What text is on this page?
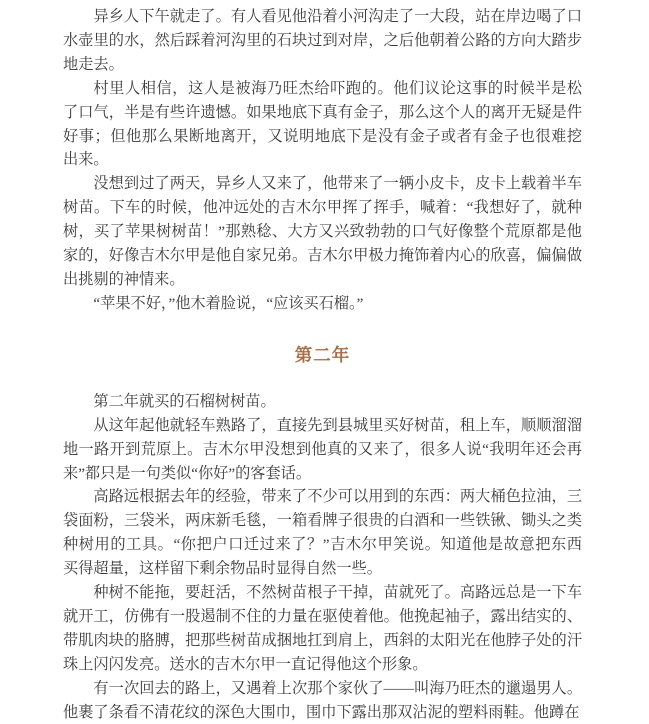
异乡人下午就走了。有人看见他沿着小河沟走了一大段，站在岸边喝了口
水壶里的水，然后踩着河沟里的石块过到对岸，之后他朝着公路的方向大踏步
地走去。
村里人相信，这人是被海乃旺杰给吓跑的。他们议论这事的时候半是松
了口气，半是有些许遗憾。如果地底下真有金子，那么这个人的离开无疑是件
好事；但他那么果断地离开，又说明地底下是没有金子或者有金子也很难挖
出来。
没想到过了两天，异乡人又来了，他带来了一辆小皮卡，皮卡上载着半车
树苗。下车的时候，他冲远处的吉木尔甲挥了挥手，喊着：“我想好了，就种
树，买了苹果树树苗！”那熟稔、大方又兴致勃勃的口气好像整个荒原都是他
家的，好像吉木尔甲是他自家兄弟。吉木尔甲极力掩饰着内心的欣喜，偏偏做
出挑剔的神情来。
“苹果不好，”他木着脸说，“应该买石榴。”
第二年
第二年就买的石榴树树苗。
从这年起他就轻车熟路了，直接先到县城里买好树苗，租上车，顺顺溜溜
地一路开到荒原上。吉木尔甲没想到他真的又来了，很多人说“我明年还会再
来”都只是一句类似“你好”的客套话。
高路远根据去年的经验，带来了不少可以用到的东西：两大桶色拉油，三
袋面粉，三袋米，两床新毛毯，一箱看牌子很贵的白酒和一些铁锹、锄头之类
种树用的工具。“你把户口迁过来了？”吉木尔甲笑说。知道他是故意把东西
买得超量，这样留下剩余物品时显得自然一些。
种树不能拖，要赶活，不然树苗根子干掉，苗就死了。高路远总是一下车
就开工，仿佛有一股遏制不住的力量在驱使着他。他挽起袖子，露出结实的、
带肌肉块的胳膊，把那些树苗成捆地扛到肩上，西斜的太阳光在他脖子处的汗
珠上闪闪发亮。送水的吉木尔甲一直记得他这个形象。
有一次回去的路上，又遇着上次那个家伙了——叫海乃旺杰的邋遢男人。
他裹了条看不清花纹的深色大围巾，围巾下露出那双沾泥的塑料雨鞋。他蹲在
